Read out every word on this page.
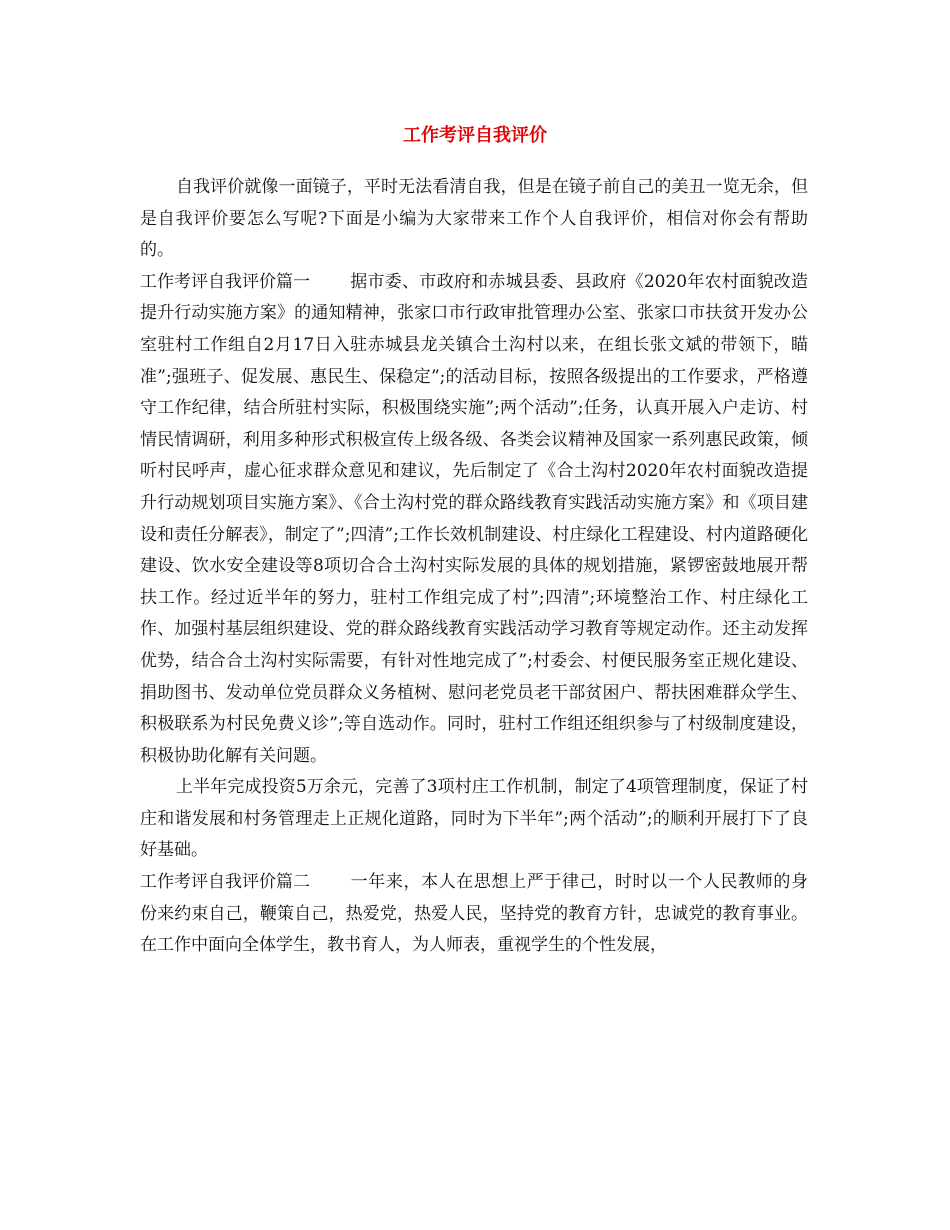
工作考评自我评价

自我评价就像一面镜子，平时无法看清自我，但是在镜子前自己的美丑一览无余，但是自我评价要怎么写呢?下面是小编为大家带来工作个人自我评价，相信对你会有帮助的。

工作考评自我评价篇一 据市委、市政府和赤城县委、县政府《2020年农村面貌改造提升行动实施方案》的通知精神，张家口市行政审批管理办公室、张家口市扶贫开发办公室驻村工作组自2月17日入驻赤城县龙关镇合土沟村以来，在组长张文斌的带领下，瞄准”;强班子、促发展、惠民生、保稳定”;的活动目标，按照各级提出的工作要求，严格遵守工作纪律，结合所驻村实际，积极围绕实施”;两个活动”;任务，认真开展入户走访、村情民情调研，利用多种形式积极宣传上级各级、各类会议精神及国家一系列惠民政策，倾听村民呼声，虚心征求群众意见和建议，先后制定了《合土沟村2020年农村面貌改造提升行动规划项目实施方案》、《合土沟村党的群众路线教育实践活动实施方案》和《项目建设和责任分解表》，制定了”;四清”;工作长效机制建设、村庄绿化工程建设、村内道路硬化建设、饮水安全建设等8项切合合土沟村实际发展的具体的规划措施，紧锣密鼓地展开帮扶工作。经过近半年的努力，驻村工作组完成了村”;四清”;环境整治工作、村庄绿化工作、加强村基层组织建设、党的群众路线教育实践活动学习教育等规定动作。还主动发挥优势，结合合土沟村实际需要，有针对性地完成了”;村委会、村便民服务室正规化建设、捐助图书、发动单位党员群众义务植树、慰问老党员老干部贫困户、帮扶困难群众学生、积极联系为村民免费义诊”;等自选动作。同时，驻村工作组还组织参与了村级制度建设，积极协助化解有关问题。

上半年完成投资5万余元，完善了3项村庄工作机制，制定了4项管理制度，保证了村庄和谐发展和村务管理走上正规化道路，同时为下半年”;两个活动”;的顺利开展打下了良好基础。

工作考评自我评价篇二 一年来，本人在思想上严于律己，时时以一个人民教师的身份来约束自己，鞭策自己，热爱党，热爱人民，坚持党的教育方针，忠诚党的教育事业。在工作中面向全体学生，教书育人，为人师表，重视学生的个性发展，
